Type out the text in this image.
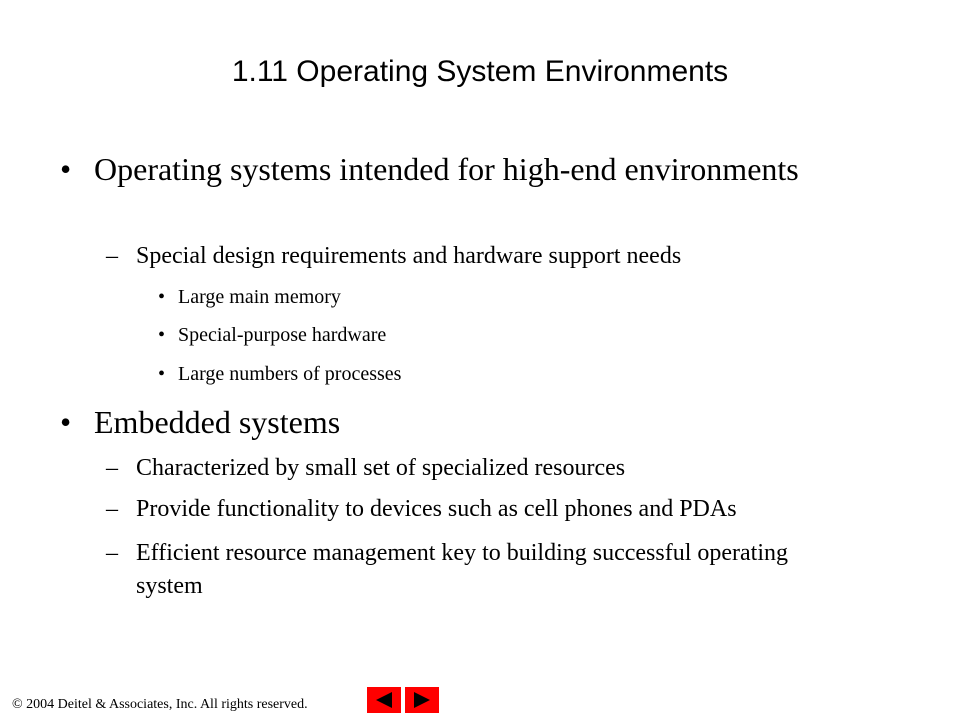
1.11 Operating System Environments
• Operating systems intended for high-end environments
– Special design requirements and hardware support needs
• Large main memory
• Special-purpose hardware
• Large numbers of processes
• Embedded systems
– Characterized by small set of specialized resources
– Provide functionality to devices such as cell phones and PDAs
– Efficient resource management key to building successful operating system
© 2004 Deitel & Associates, Inc. All rights reserved.
